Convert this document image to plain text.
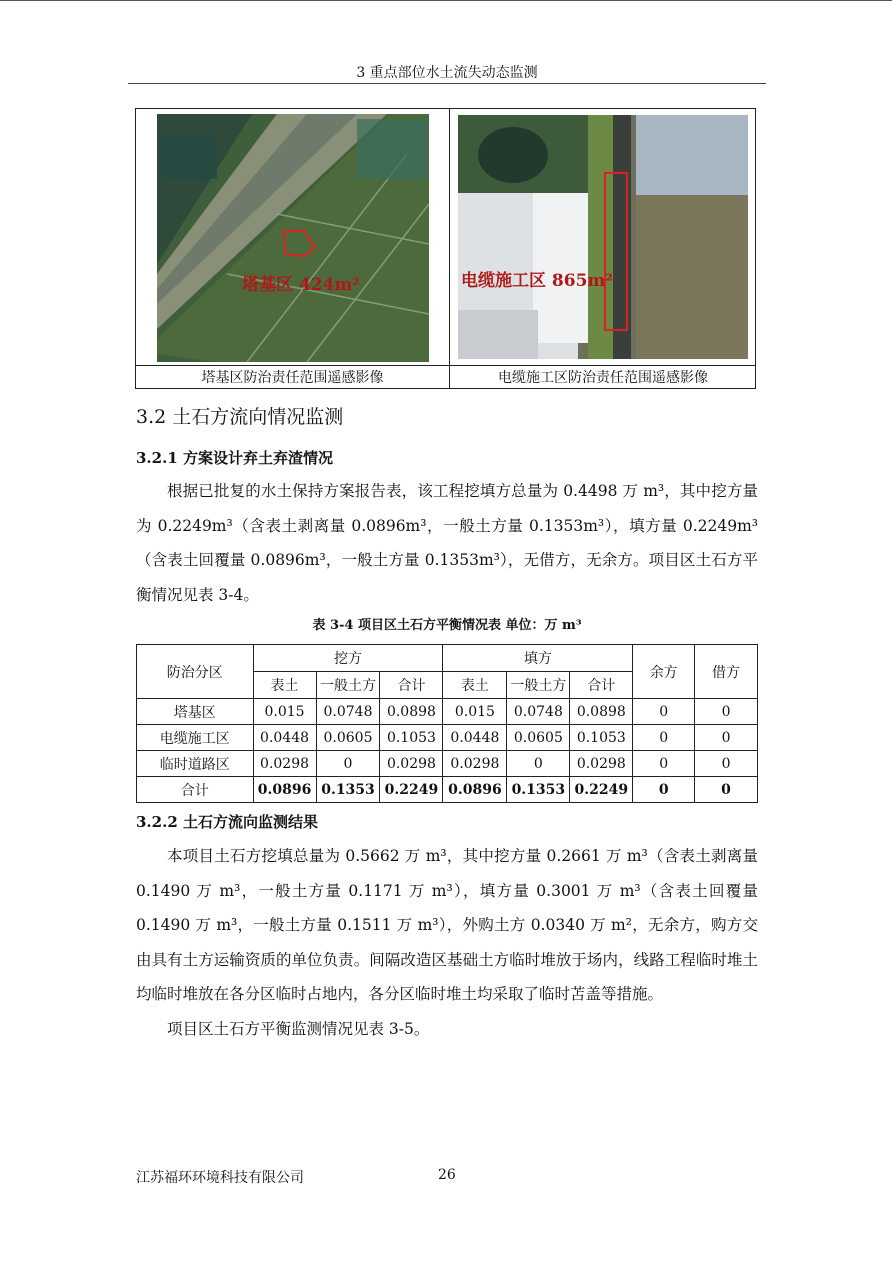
3 重点部位水土流失动态监测
塔基区 424m²	电缆施工区 865m²
塔基区防治责任范围遥感影像	电缆施工区防治责任范围遥感影像
3.2 土石方流向情况监测
3.2.1 方案设计弃土弃渣情况

根据已批复的水土保持方案报告表，该工程挖填方总量为 0.4498 万 m³，其中挖方量为 0.2249m³（含表土剥离量 0.0896m³，一般土方量 0.1353m³），填方量 0.2249m³（含表土回覆量 0.0896m³，一般土方量 0.1353m³），无借方，无余方。项目区土石方平衡情况见表 3-4。

表 3-4 项目区土石方平衡情况表 单位：万 m³
防治分区	挖方			填方			余方	借方
	表土	一般土方	合计	表土	一般土方	合计		
塔基区	0.015	0.0748	0.0898	0.015	0.0748	0.0898	0	0
电缆施工区	0.0448	0.0605	0.1053	0.0448	0.0605	0.1053	0	0
临时道路区	0.0298	0	0.0298	0.0298	0	0.0298	0	0
合计	0.0896	0.1353	0.2249	0.0896	0.1353	0.2249	0	0
3.2.2 土石方流向监测结果

本项目土石方挖填总量为 0.5662 万 m³，其中挖方量 0.2661 万 m³（含表土剥离量 0.1490 万 m³，一般土方量 0.1171 万 m³），填方量 0.3001 万 m³（含表土回覆量 0.1490 万 m³，一般土方量 0.1511 万 m³），外购土方 0.0340 万 m²，无余方，购方交由具有土方运输资质的单位负责。间隔改造区基础土方临时堆放于场内，线路工程临时堆土均临时堆放在各分区临时占地内，各分区临时堆土均采取了临时苫盖等措施。

项目区土石方平衡监测情况见表 3-5。

江苏福环环境科技有限公司	26
